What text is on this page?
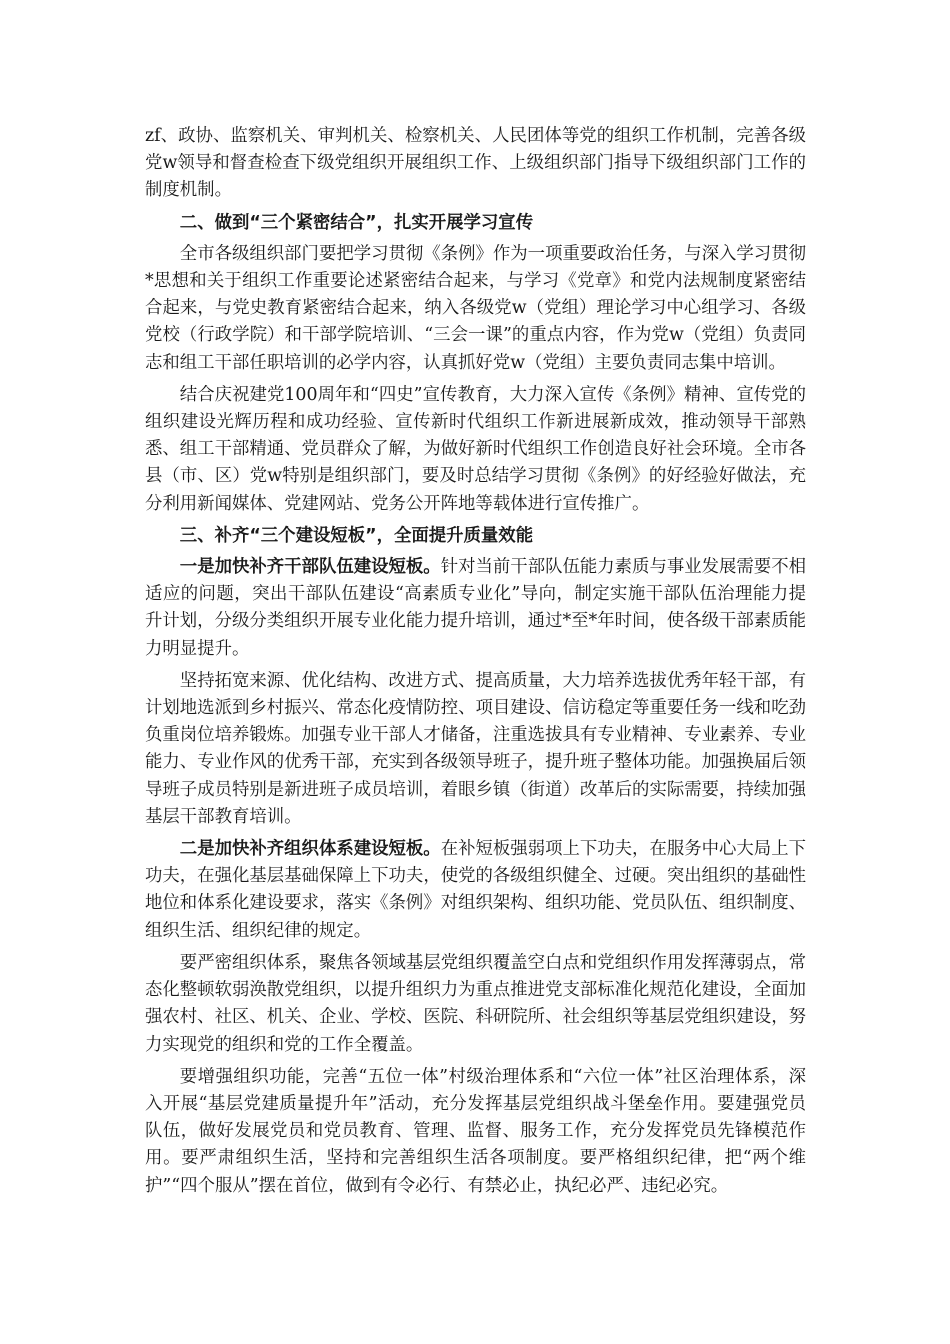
zf、政协、监察机关、审判机关、检察机关、人民团体等党的组织工作机制，完善各级党w领导和督查检查下级党组织开展组织工作、上级组织部门指导下级组织部门工作的制度机制。

二、做到“三个紧密结合”，扎实开展学习宣传

全市各级组织部门要把学习贯彻《条例》作为一项重要政治任务，与深入学习贯彻*思想和关于组织工作重要论述紧密结合起来，与学习《党章》和党内法规制度紧密结合起来，与党史教育紧密结合起来，纳入各级党w（党组）理论学习中心组学习、各级党校（行政学院）和干部学院培训、“三会一课”的重点内容，作为党w（党组）负责同志和组工干部任职培训的必学内容，认真抓好党w（党组）主要负责同志集中培训。

结合庆祝建党100周年和“四史”宣传教育，大力深入宣传《条例》精神、宣传党的组织建设光辉历程和成功经验、宣传新时代组织工作新进展新成效，推动领导干部熟悉、组工干部精通、党员群众了解，为做好新时代组织工作创造良好社会环境。全市各县（市、区）党w特别是组织部门，要及时总结学习贯彻《条例》的好经验好做法，充分利用新闻媒体、党建网站、党务公开阵地等载体进行宣传推广。

三、补齐“三个建设短板”，全面提升质量效能

一是加快补齐干部队伍建设短板。针对当前干部队伍能力素质与事业发展需要不相适应的问题，突出干部队伍建设“高素质专业化”导向，制定实施干部队伍治理能力提升计划，分级分类组织开展专业化能力提升培训，通过*至*年时间，使各级干部素质能力明显提升。

坚持拓宽来源、优化结构、改进方式、提高质量，大力培养选拔优秀年轻干部，有计划地选派到乡村振兴、常态化疫情防控、项目建设、信访稳定等重要任务一线和吃劲负重岗位培养锻炼。加强专业干部人才储备，注重选拔具有专业精神、专业素养、专业能力、专业作风的优秀干部，充实到各级领导班子，提升班子整体功能。加强换届后领导班子成员特别是新进班子成员培训，着眼乡镇（街道）改革后的实际需要，持续加强基层干部教育培训。

二是加快补齐组织体系建设短板。在补短板强弱项上下功夫，在服务中心大局上下功夫，在强化基层基础保障上下功夫，使党的各级组织健全、过硬。突出组织的基础性地位和体系化建设要求，落实《条例》对组织架构、组织功能、党员队伍、组织制度、组织生活、组织纪律的规定。

要严密组织体系，聚焦各领域基层党组织覆盖空白点和党组织作用发挥薄弱点，常态化整顿软弱涣散党组织，以提升组织力为重点推进党支部标准化规范化建设，全面加强农村、社区、机关、企业、学校、医院、科研院所、社会组织等基层党组织建设，努力实现党的组织和党的工作全覆盖。

要增强组织功能，完善“五位一体”村级治理体系和“六位一体”社区治理体系，深入开展“基层党建质量提升年”活动，充分发挥基层党组织战斗堡垒作用。要建强党员队伍，做好发展党员和党员教育、管理、监督、服务工作，充分发挥党员先锋模范作用。要严肃组织生活，坚持和完善组织生活各项制度。要严格组织纪律，把“两个维护”“四个服从”摆在首位，做到有令必行、有禁必止，执纪必严、违纪必究。
